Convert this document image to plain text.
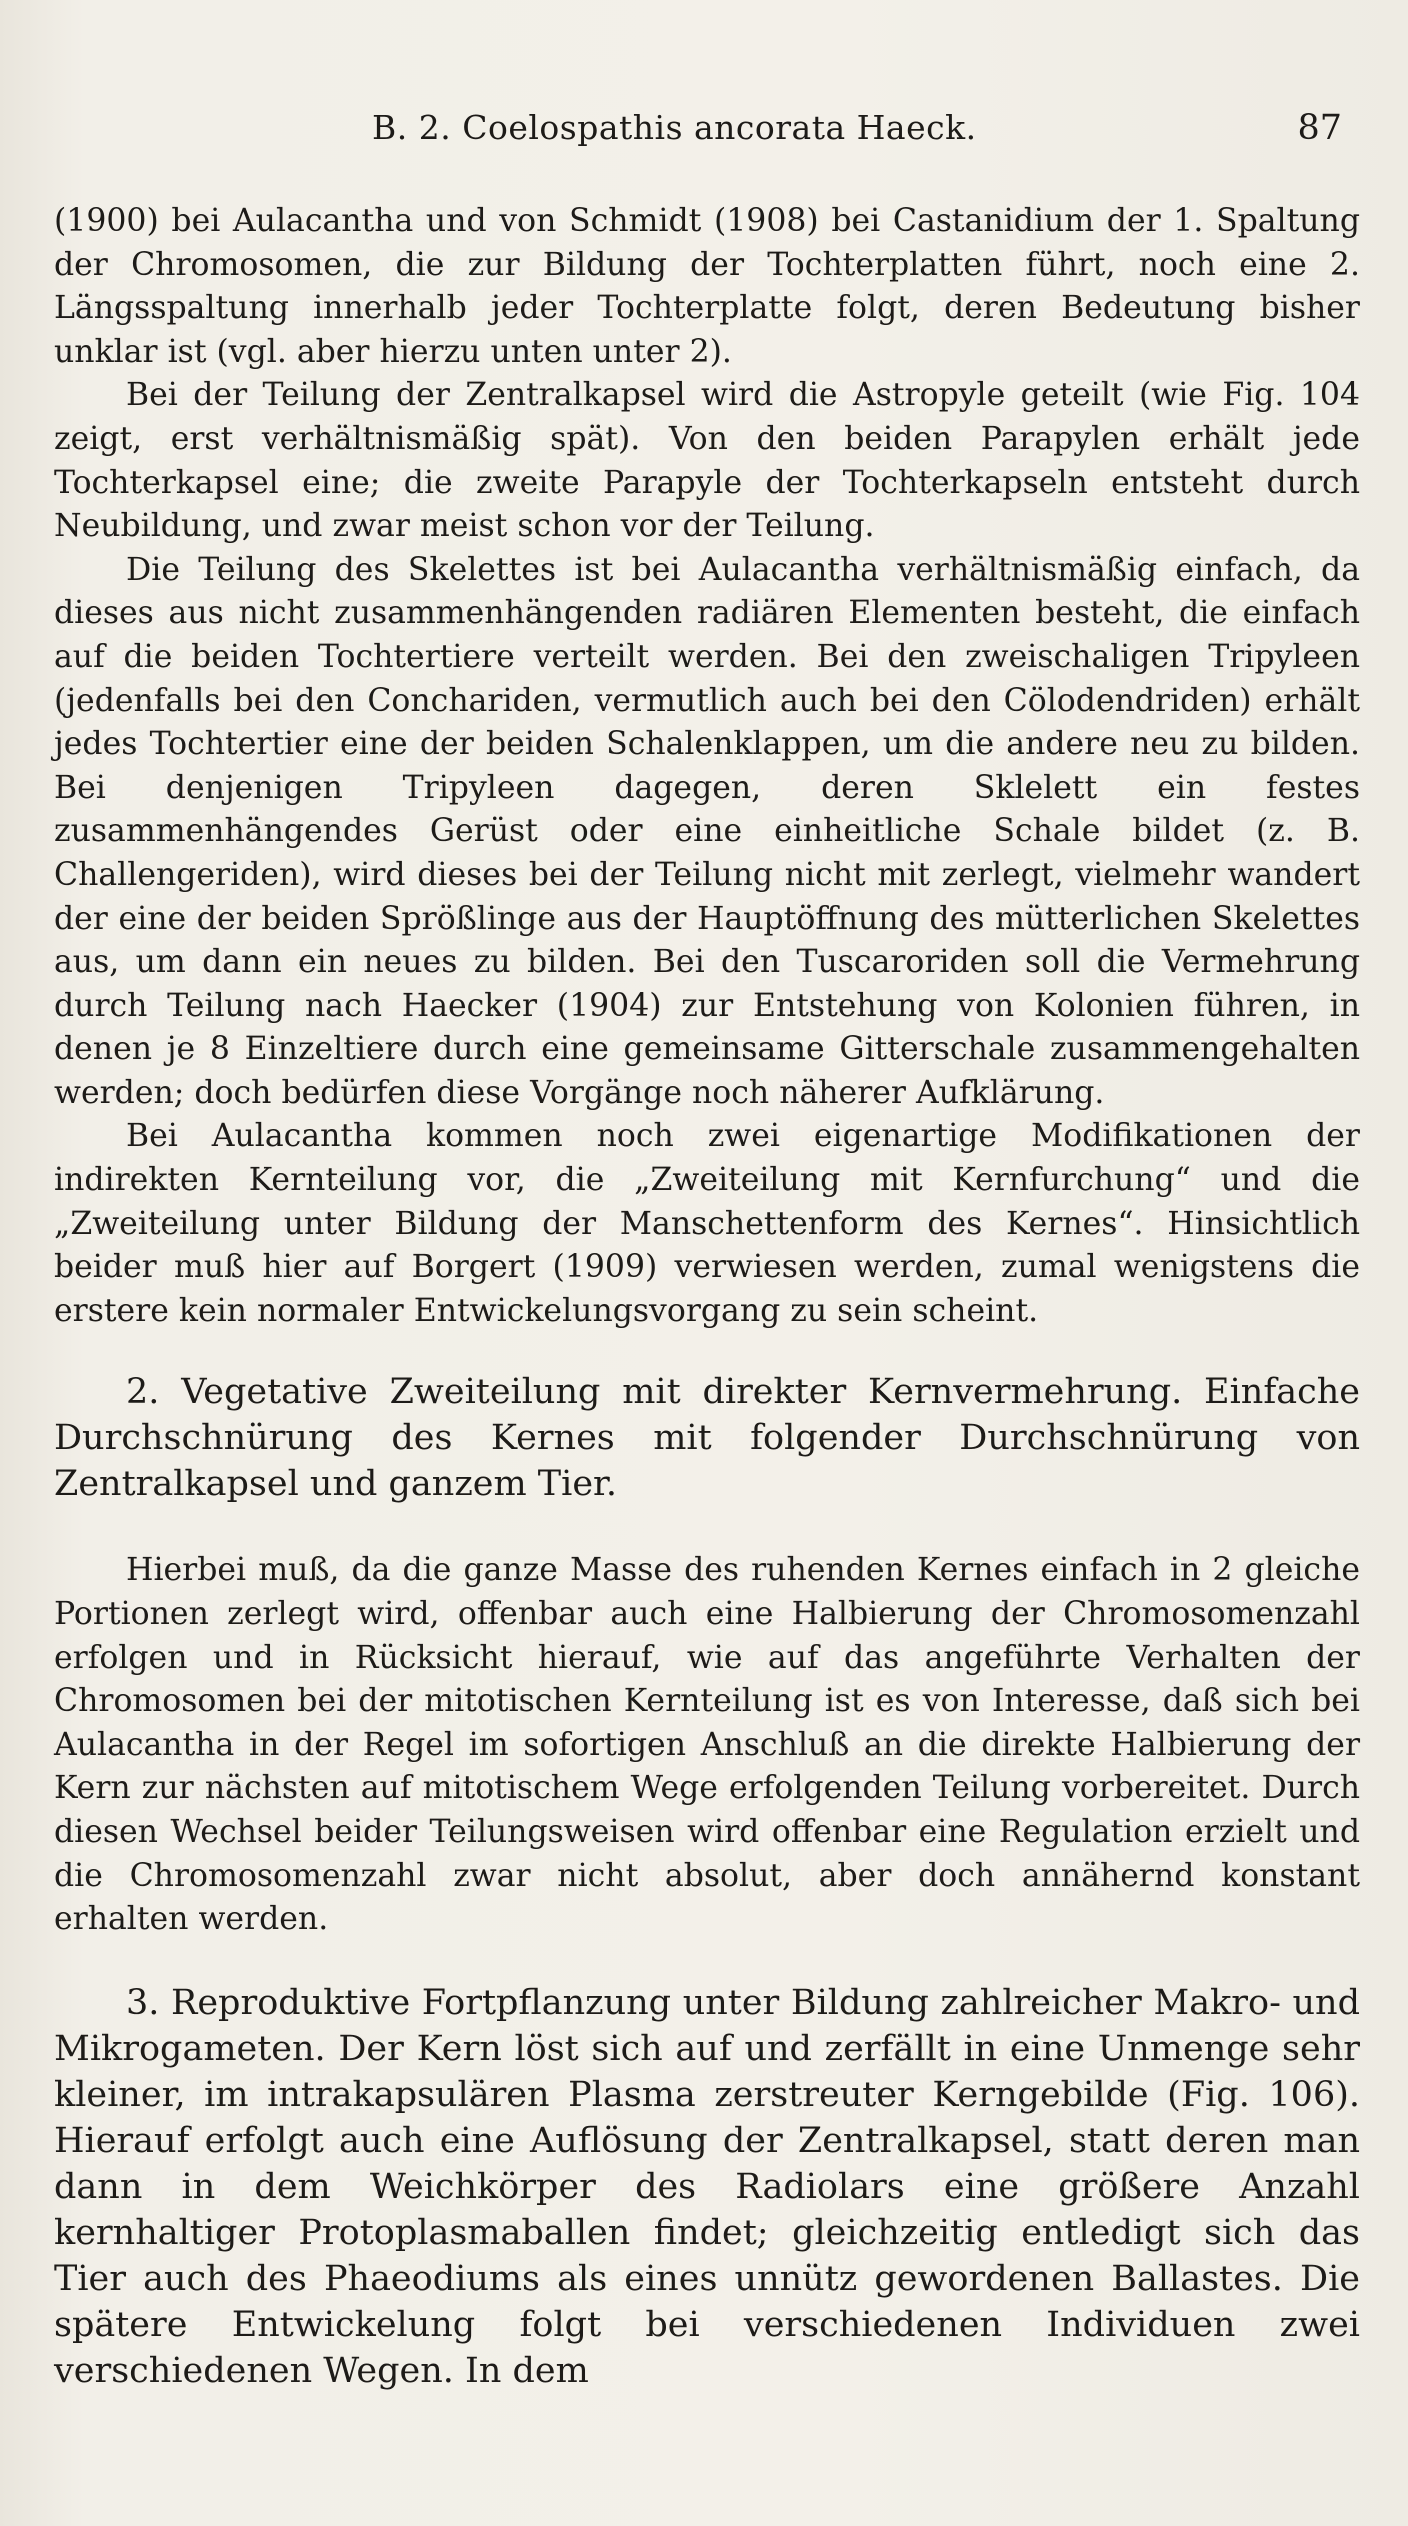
B. 2. Coelospathis ancorata Haeck.	87

(1900) bei Aulacantha und von Schmidt (1908) bei Castanidium der 1. Spaltung der Chromosomen, die zur Bildung der Tochterplatten führt, noch eine 2. Längsspaltung innerhalb jeder Tochterplatte folgt, deren Bedeutung bisher unklar ist (vgl. aber hierzu unten unter 2).

Bei der Teilung der Zentralkapsel wird die Astropyle geteilt (wie Fig. 104 zeigt, erst verhältnismäßig spät). Von den beiden Parapylen erhält jede Tochterkapsel eine; die zweite Parapyle der Tochterkapseln entsteht durch Neubildung, und zwar meist schon vor der Teilung.

Die Teilung des Skelettes ist bei Aulacantha verhältnismäßig einfach, da dieses aus nicht zusammenhängenden radiären Elementen besteht, die einfach auf die beiden Tochtertiere verteilt werden. Bei den zweischaligen Tripyleen (jedenfalls bei den Conchariden, vermutlich auch bei den Cölodendriden) erhält jedes Tochtertier eine der beiden Schalenklappen, um die andere neu zu bilden. Bei denjenigen Tripyleen dagegen, deren Sklelett ein festes zusammenhängendes Gerüst oder eine einheitliche Schale bildet (z. B. Challengeriden), wird dieses bei der Teilung nicht mit zerlegt, vielmehr wandert der eine der beiden Sprößlinge aus der Hauptöffnung des mütterlichen Skelettes aus, um dann ein neues zu bilden. Bei den Tuscaroriden soll die Vermehrung durch Teilung nach Haecker (1904) zur Entstehung von Kolonien führen, in denen je 8 Einzeltiere durch eine gemeinsame Gitterschale zusammengehalten werden; doch bedürfen diese Vorgänge noch näherer Aufklärung.

Bei Aulacantha kommen noch zwei eigenartige Modifikationen der indirekten Kernteilung vor, die „Zweiteilung mit Kernfurchung“ und die „Zweiteilung unter Bildung der Manschettenform des Kernes“. Hinsichtlich beider muß hier auf Borgert (1909) verwiesen werden, zumal wenigstens die erstere kein normaler Entwickelungsvorgang zu sein scheint.

2. Vegetative Zweiteilung mit direkter Kernvermehrung. Einfache Durchschnürung des Kernes mit folgender Durchschnürung von Zentralkapsel und ganzem Tier.

Hierbei muß, da die ganze Masse des ruhenden Kernes einfach in 2 gleiche Portionen zerlegt wird, offenbar auch eine Halbierung der Chromosomenzahl erfolgen und in Rücksicht hierauf, wie auf das angeführte Verhalten der Chromosomen bei der mitotischen Kernteilung ist es von Interesse, daß sich bei Aulacantha in der Regel im sofortigen Anschluß an die direkte Halbierung der Kern zur nächsten auf mitotischem Wege erfolgenden Teilung vorbereitet. Durch diesen Wechsel beider Teilungsweisen wird offenbar eine Regulation erzielt und die Chromosomenzahl zwar nicht absolut, aber doch annähernd konstant erhalten werden.

3. Reproduktive Fortpflanzung unter Bildung zahlreicher Makro- und Mikrogameten. Der Kern löst sich auf und zerfällt in eine Unmenge sehr kleiner, im intrakapsulären Plasma zerstreuter Kerngebilde (Fig. 106). Hierauf erfolgt auch eine Auflösung der Zentralkapsel, statt deren man dann in dem Weichkörper des Radiolars eine größere Anzahl kernhaltiger Protoplasmaballen findet; gleichzeitig entledigt sich das Tier auch des Phaeodiums als eines unnütz gewordenen Ballastes. Die spätere Entwickelung folgt bei verschiedenen Individuen zwei verschiedenen Wegen. In dem
